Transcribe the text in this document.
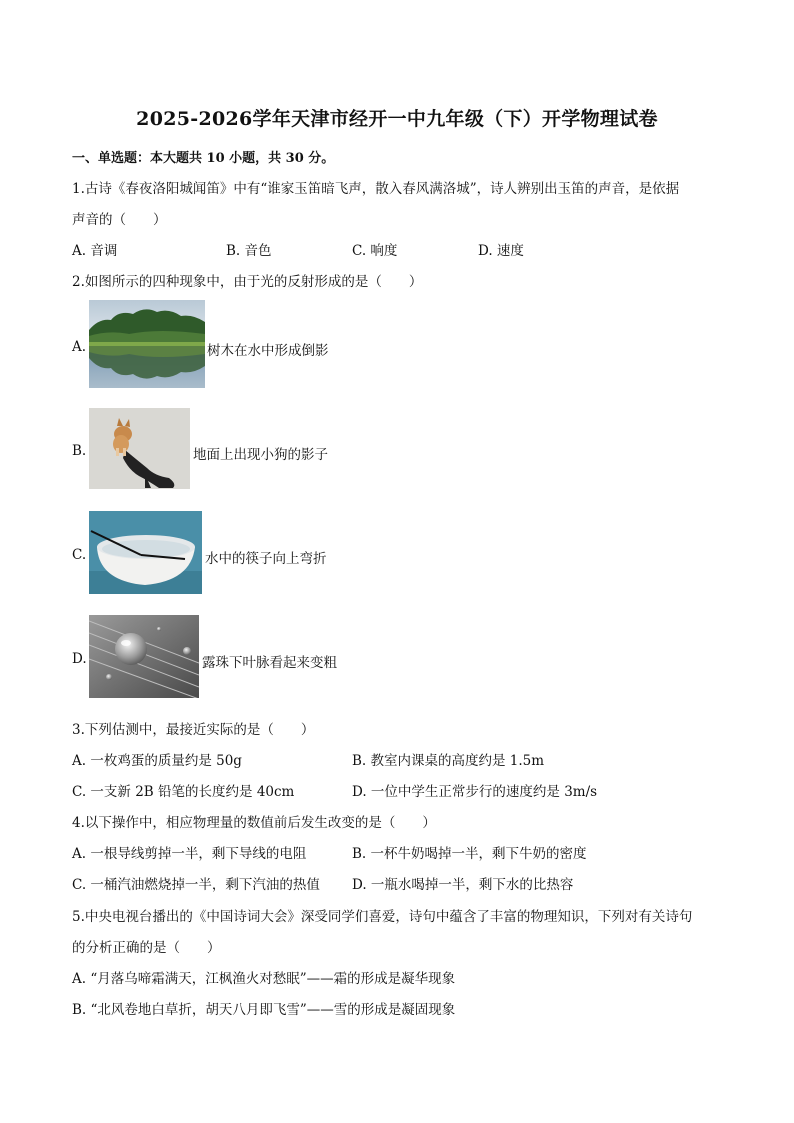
2025-2026学年天津市经开一中九年级（下）开学物理试卷
一、单选题：本大题共 10 小题，共 30 分。
1.古诗《春夜洛阳城闻笛》中有“谁家玉笛暗飞声，散入春风满洛城”，诗人辨别出玉笛的声音，是依据
声音的（　　）
A. 音调	B. 音色	C. 响度	D. 速度
2.如图所示的四种现象中，由于光的反射形成的是（　　）
A.	树木在水中形成倒影
B.	地面上出现小狗的影子
C.	水中的筷子向上弯折
D.	露珠下叶脉看起来变粗
3.下列估测中，最接近实际的是（　　）
A. 一枚鸡蛋的质量约是 50g	B. 教室内课桌的高度约是 1.5m
C. 一支新 2B 铅笔的长度约是 40cm	D. 一位中学生正常步行的速度约是 3m/s
4.以下操作中，相应物理量的数值前后发生改变的是（　　）
A. 一根导线剪掉一半，剩下导线的电阻	B. 一杯牛奶喝掉一半，剩下牛奶的密度
C. 一桶汽油燃烧掉一半，剩下汽油的热值 D. 一瓶水喝掉一半，剩下水的比热容
5.中央电视台播出的《中国诗词大会》深受同学们喜爱，诗句中蕴含了丰富的物理知识，下列对有关诗句
的分析正确的是（　　）
A. “月落乌啼霜满天，江枫渔火对愁眠”——霜的形成是凝华现象
B. “北风卷地白草折，胡天八月即飞雪”——雪的形成是凝固现象
